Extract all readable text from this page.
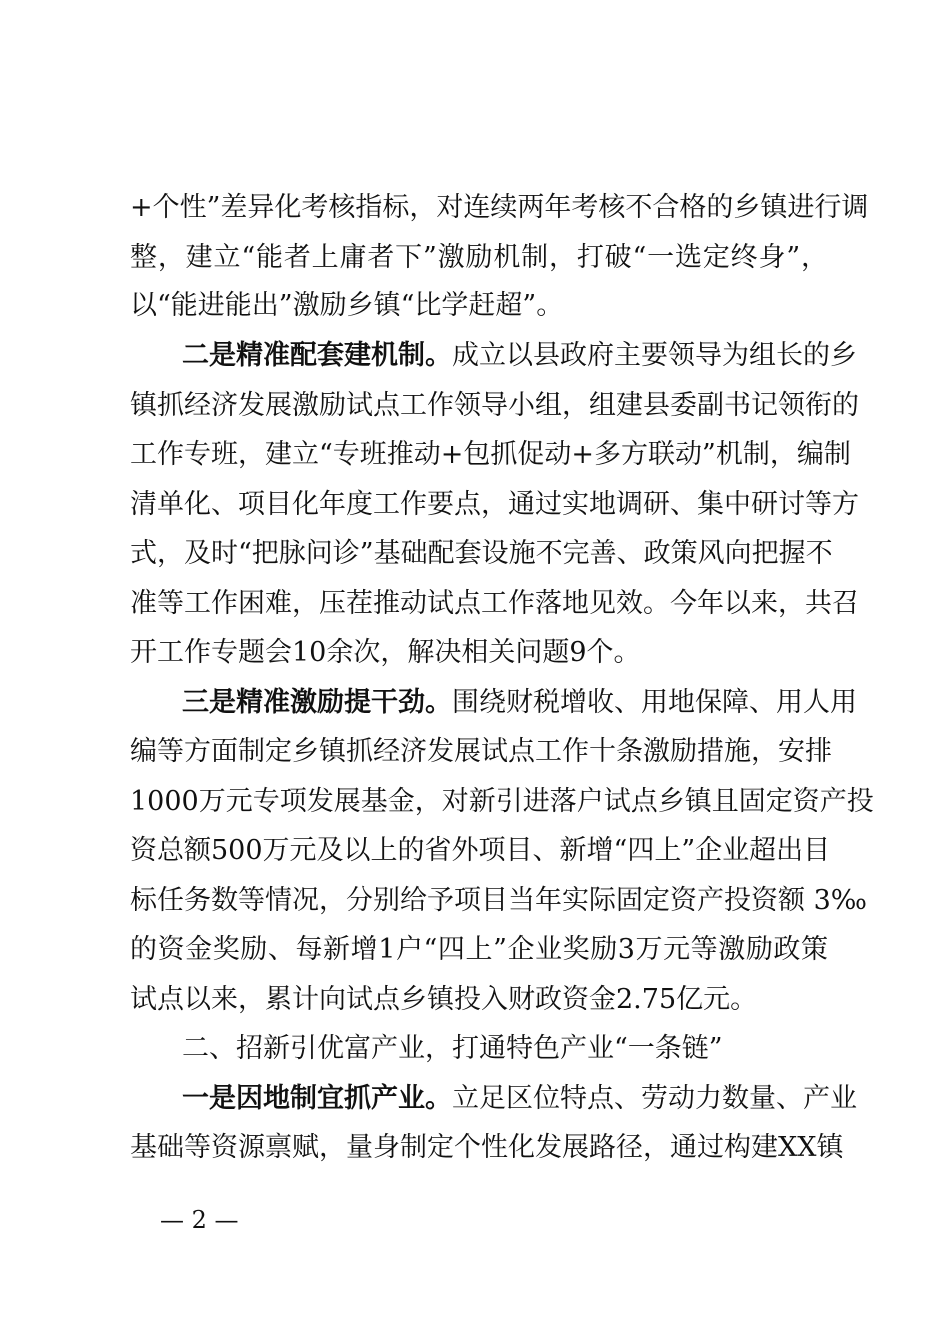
+个性”差异化考核指标，对连续两年考核不合格的乡镇进行调
整，建立“能者上庸者下”激励机制，打破“一选定终身”，
以“能进能出”激励乡镇“比学赶超”。
二是精准配套建机制。成立以县政府主要领导为组长的乡
镇抓经济发展激励试点工作领导小组，组建县委副书记领衔的
工作专班，建立“专班推动+包抓促动+多方联动”机制，编制
清单化、项目化年度工作要点，通过实地调研、集中研讨等方
式，及时“把脉问诊”基础配套设施不完善、政策风向把握不
准等工作困难，压茬推动试点工作落地见效。今年以来，共召
开工作专题会10余次，解决相关问题9个。
三是精准激励提干劲。围绕财税增收、用地保障、用人用
编等方面制定乡镇抓经济发展试点工作十条激励措施，安排
1000万元专项发展基金，对新引进落户试点乡镇且固定资产投
资总额500万元及以上的省外项目、新增“四上”企业超出目
标任务数等情况，分别给予项目当年实际固定资产投资额 3‰
的资金奖励、每新增1户“四上”企业奖励3万元等激励政策
试点以来，累计向试点乡镇投入财政资金2.75亿元。
二、招新引优富产业，打通特色产业“一条链”
一是因地制宜抓产业。立足区位特点、劳动力数量、产业
基础等资源禀赋，量身制定个性化发展路径，通过构建XX镇
— 2 —
